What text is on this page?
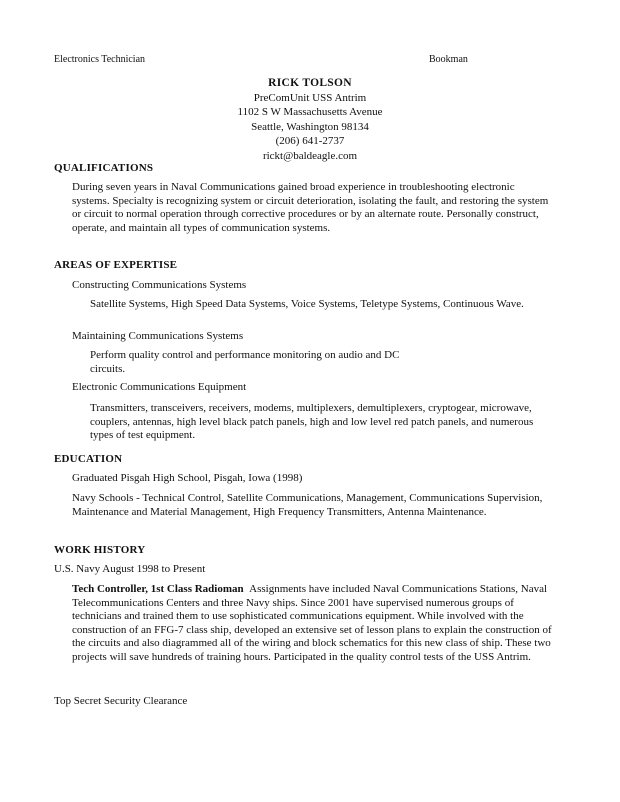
Electronics Technician	Bookman
RICK TOLSON
PreComUnit USS Antrim
1102 S W Massachusetts Avenue
Seattle, Washington 98134
(206) 641-2737
rickt@baldeagle.com
QUALIFICATIONS

During seven years in Naval Communications gained broad experience in troubleshooting electronic systems. Specialty is recognizing system or circuit deterioration, isolating the fault, and restoring the system or circuit to normal operation through corrective procedures or by an alternate route. Personally construct, operate, and maintain all types of communication systems.

AREAS OF EXPERTISE

Constructing Communications Systems

Satellite Systems, High Speed Data Systems, Voice Systems, Teletype Systems, Continuous Wave.

Maintaining Communications Systems

Perform quality control and performance monitoring on audio and DC circuits.

Electronic Communications Equipment

Transmitters, transceivers, receivers, modems, multiplexers, demultiplexers, cryptogear, microwave, couplers, antennas, high level black patch panels, high and low level red patch panels, and numerous types of test equipment.

EDUCATION

Graduated Pisgah High School, Pisgah, Iowa (1998)

Navy Schools - Technical Control, Satellite Communications, Management, Communications Supervision, Maintenance and Material Management, High Frequency Transmitters, Antenna Maintenance.

WORK HISTORY

U.S. Navy August 1998 to Present

Tech Controller, 1st Class Radioman Assignments have included Naval Communications Stations, Naval Telecommunications Centers and three Navy ships. Since 2001 have supervised numerous groups of technicians and trained them to use sophisticated communications equipment. While involved with the construction of an FFG-7 class ship, developed an extensive set of lesson plans to explain the construction of the circuits and also diagrammed all of the wiring and block schematics for this new class of ship. These two projects will save hundreds of training hours. Participated in the quality control tests of the USS Antrim.

Top Secret Security Clearance
